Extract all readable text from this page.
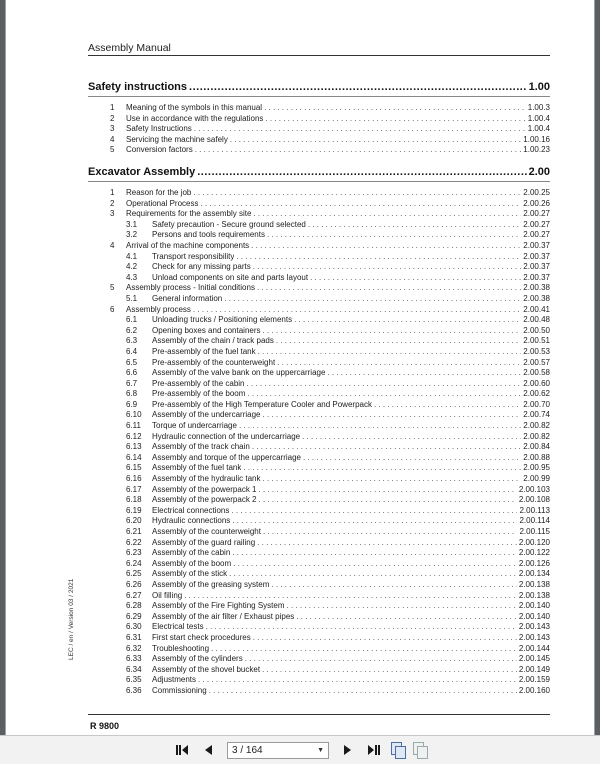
Assembly Manual
Safety instructions .....	1.00
1	Meaning of the symbols in this manual . . .	1.00.3
2	Use in accordance with the regulations . . .	1.00.4
3	Safety Instructions . . .	1.00.4
4	Servicing the machine safely . . .	1.00.16
5	Conversion factors . . .	1.00.23
Excavator Assembly .....	2.00
1	Reason for the job . . .	2.00.25
2	Operational Process . . .	2.00.26
3	Requirements for the assembly site . . .	2.00.27
3.1	Safety precaution - Secure ground selected . . .	2.00.27
3.2	Persons and tools requirements . . .	2.00.27
4	Arrival of the machine components . . .	2.00.37
4.1	Transport responsibility . . .	2.00.37
4.2	Check for any missing parts . . .	2.00.37
4.3	Unload components on site and parts layout . . .	2.00.37
5	Assembly process - Initial conditions . . .	2.00.38
5.1	General information . . .	2.00.38
6	Assembly process . . .	2.00.41
6.1	Unloading trucks / Positioning elements . . .	2.00.48
6.2	Opening boxes and containers . . .	2.00.50
6.3	Assembly of the chain / track pads . . .	2.00.51
6.4	Pre-assembly of the fuel tank . . .	2.00.53
6.5	Pre-assembly of the counterweight . . .	2.00.57
6.6	Assembly of the valve bank on the uppercarriage . . .	2.00.58
6.7	Pre-assembly of the cabin . . .	2.00.60
6.8	Pre-assembly of the boom . . .	2.00.62
6.9	Pre-assembly of the High Temperature Cooler and Powerpack . . .	2.00.70
6.10	Assembly of the undercarriage . . .	2.00.74
6.11	Torque of undercarriage . . .	2.00.82
6.12	Hydraulic connection of the undercarriage . . .	2.00.82
6.13	Assembly of the track chain . . .	2.00.84
6.14	Assembly and torque of the uppercarriage . . .	2.00.88
6.15	Assembly of the fuel tank . . .	2.00.95
6.16	Assembly of the hydraulic tank . . .	2.00.99
6.17	Assembly of the powerpack 1 . . .	2.00.103
6.18	Assembly of the powerpack 2 . . .	2.00.108
6.19	Electrical connections . . .	2.00.113
6.20	Hydraulic connections . . .	2.00.114
6.21	Assembly of the counterweight . . .	2.00.115
6.22	Assembly of the guard railing . . .	2.00.120
6.23	Assembly of the cabin . . .	2.00.122
6.24	Assembly of the boom . . .	2.00.126
6.25	Assembly of the stick . . .	2.00.134
6.26	Assembly of the greasing system . . .	2.00.138
6.27	Oil filling . . .	2.00.138
6.28	Assembly of the Fire Fighting System . . .	2.00.140
6.29	Assembly of the air filter / Exhaust pipes . . .	2.00.140
6.30	Electrical tests . . .	2.00.143
6.31	First start check procedures . . .	2.00.143
6.32	Troubleshooting . . .	2.00.144
6.33	Assembly of the cylinders . . .	2.00.145
6.34	Assembly of the shovel bucket . . .	2.00.149
6.35	Adjustments . . .	2.00.159
6.36	Commissioning . . .	2.00.160
LEC / en / Version 03 / 2021
R 9800
3 / 164	▼
